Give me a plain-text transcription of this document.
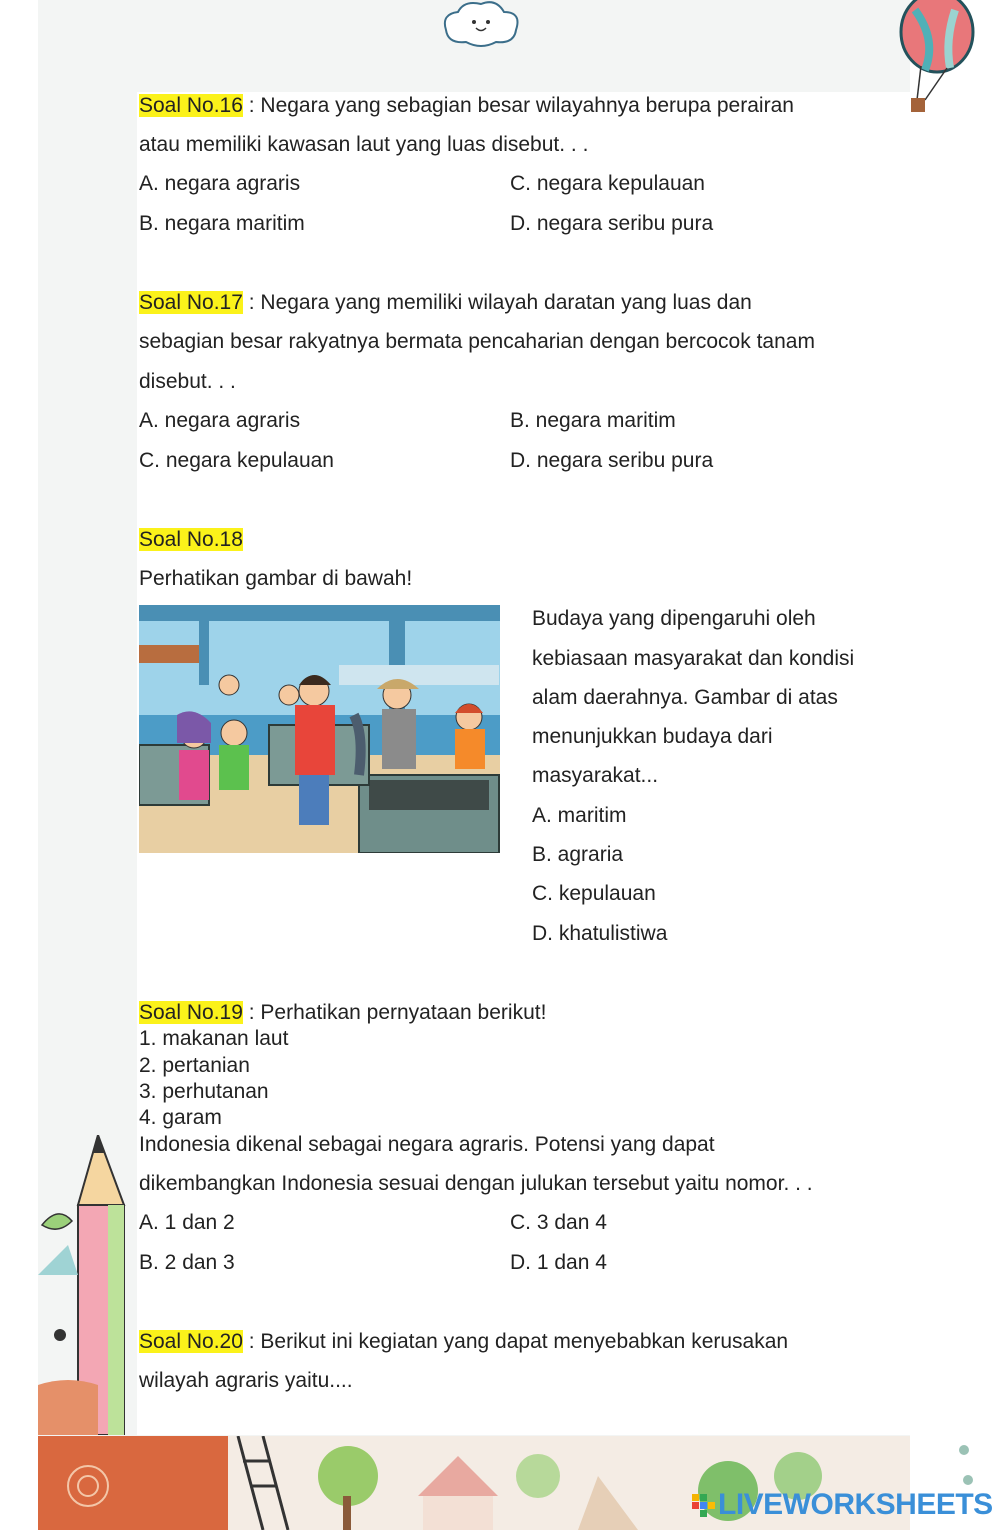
Soal No.16 : Negara yang sebagian besar wilayahnya berupa perairan
atau memiliki kawasan laut yang luas disebut. . .
A. negara agraris	C. negara kepulauan
B. negara maritim	D. negara seribu pura
Soal No.17 : Negara yang memiliki wilayah daratan yang luas dan
sebagian besar rakyatnya bermata pencaharian dengan bercocok tanam
disebut. . .
A. negara agraris	B. negara maritim
C. negara kepulauan	D. negara seribu pura
Soal No.18
Perhatikan gambar di bawah!
Budaya yang dipengaruhi oleh
kebiasaan masyarakat dan kondisi
alam daerahnya. Gambar di atas
menunjukkan budaya dari
masyarakat...
A. maritim
B. agraria
C. kepulauan
D. khatulistiwa
Soal No.19 : Perhatikan pernyataan berikut!
1. makanan laut
2. pertanian
3. perhutanan
4. garam
Indonesia dikenal sebagai negara agraris. Potensi yang dapat
dikembangkan Indonesia sesuai dengan julukan tersebut yaitu nomor. . .
A. 1 dan 2	C. 3 dan 4
B. 2 dan 3	D. 1 dan 4
Soal No.20 : Berikut ini kegiatan yang dapat menyebabkan kerusakan
wilayah agraris yaitu....
LIVEWORKSHEETS
